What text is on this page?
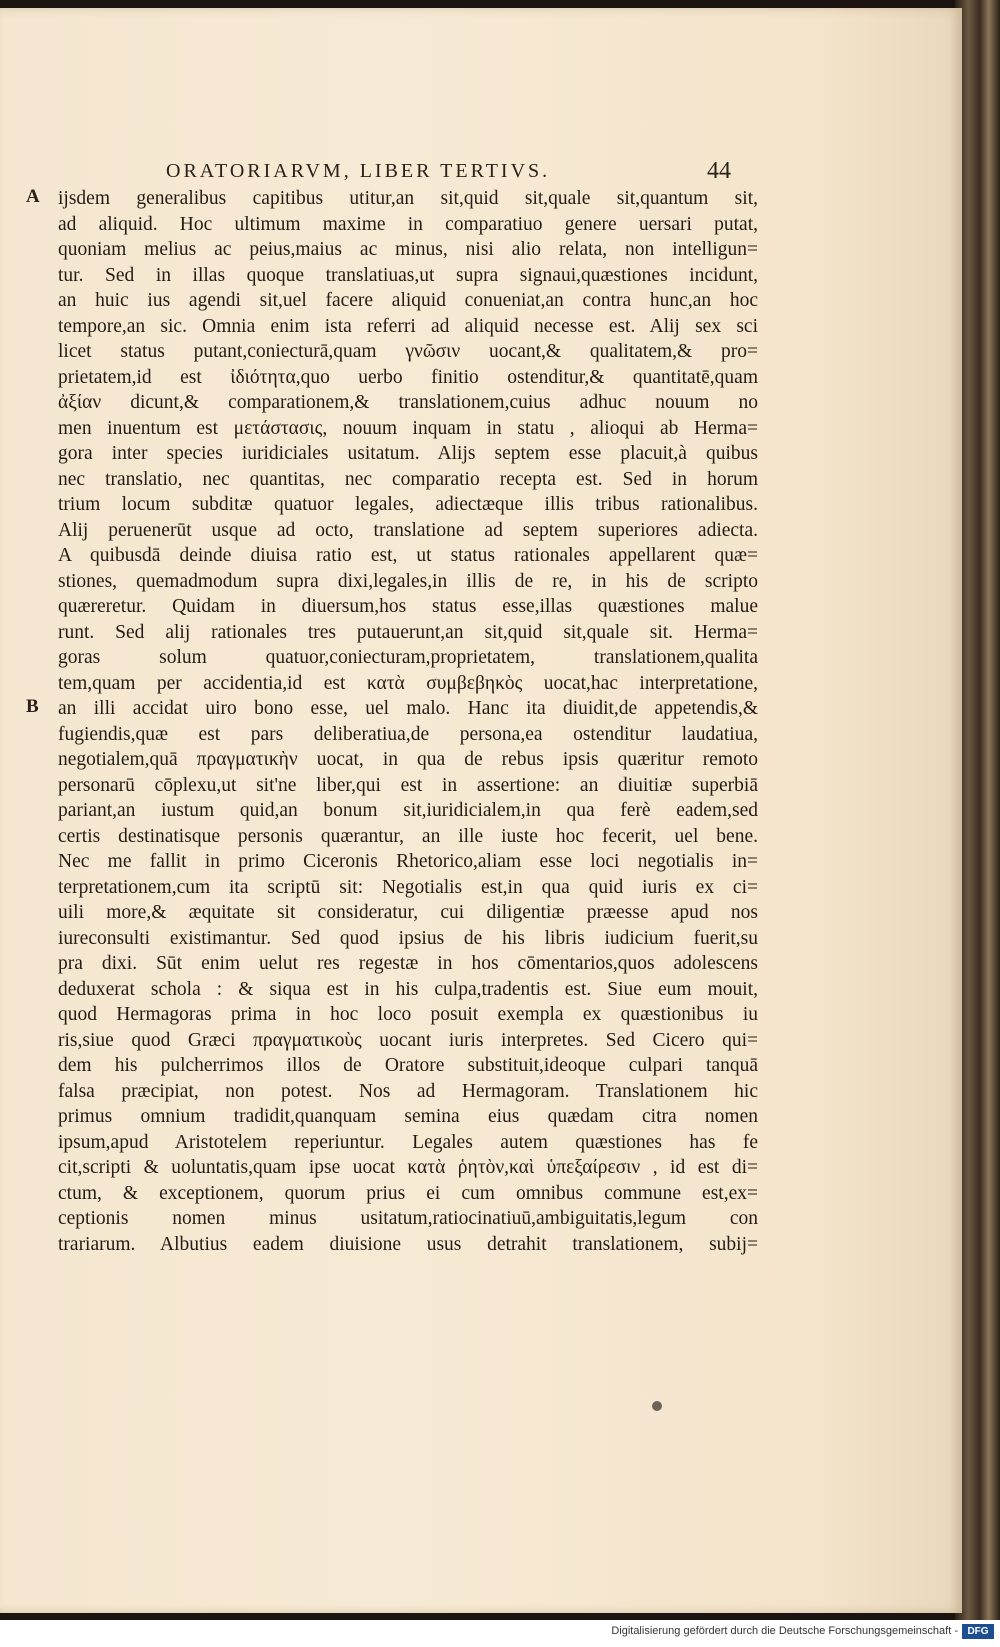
ORATORIARVM, LIBER TERTIVS.	44
A
B
ijsdem generalibus capitibus utitur,an sit,quid sit,quale sit,quantum sit,
ad aliquid. Hoc ultimum maxime in comparatiuo genere uersari putat,
quoniam melius ac peius,maius ac minus, nisi alio relata, non intelligun=
tur. Sed in illas quoque translatiuas,ut supra signaui,quæstiones incidunt,
an huic ius agendi sit,uel facere aliquid conueniat,an contra hunc,an hoc
tempore,an sic. Omnia enim ista referri ad aliquid necesse est. Alij sex sci
licet status putant,coniecturā,quam γνῶσιν uocant,& qualitatem,& pro=
prietatem,id est ἰδιότητα,quo uerbo finitio ostenditur,& quantitatē,quam
ἀξίαν dicunt,& comparationem,& translationem,cuius adhuc nouum no
men inuentum est μετάστασις, nouum inquam in statu , alioqui ab Herma=
gora inter species iuridiciales usitatum. Alijs septem esse placuit,à quibus
nec translatio, nec quantitas, nec comparatio recepta est. Sed in horum
trium locum subditæ quatuor legales, adiectæque illis tribus rationalibus.
Alij peruenerūt usque ad octo, translatione ad septem superiores adiecta.
A quibusdā deinde diuisa ratio est, ut status rationales appellarent quæ=
stiones, quemadmodum supra dixi,legales,in illis de re, in his de scripto
quæreretur. Quidam in diuersum,hos status esse,illas quæstiones malue
runt. Sed alij rationales tres putauerunt,an sit,quid sit,quale sit. Herma=
goras solum quatuor,coniecturam,proprietatem, translationem,qualita
tem,quam per accidentia,id est κατὰ συμβεβηκὸς uocat,hac interpretatione,
an illi accidat uiro bono esse, uel malo. Hanc ita diuidit,de appetendis,&
fugiendis,quæ est pars deliberatiua,de persona,ea ostenditur laudatiua,
negotialem,quā πραγματικὴν uocat, in qua de rebus ipsis quæritur remoto
personarū cōplexu,ut sit'ne liber,qui est in assertione: an diuitiæ superbiā
pariant,an iustum quid,an bonum sit,iuridicialem,in qua ferè eadem,sed
certis destinatisque personis quærantur, an ille iuste hoc fecerit, uel bene.
Nec me fallit in primo Ciceronis Rhetorico,aliam esse loci negotialis in=
terpretationem,cum ita scriptū sit: Negotialis est,in qua quid iuris ex ci=
uili more,& æquitate sit consideratur, cui diligentiæ præesse apud nos
iureconsulti existimantur. Sed quod ipsius de his libris iudicium fuerit,su
pra dixi. Sūt enim uelut res regestæ in hos cōmentarios,quos adolescens
deduxerat schola : & siqua est in his culpa,tradentis est. Siue eum mouit,
quod Hermagoras prima in hoc loco posuit exempla ex quæstionibus iu
ris,siue quod Græci πραγματικοὺς uocant iuris interpretes. Sed Cicero qui=
dem his pulcherrimos illos de Oratore substituit,ideoque culpari tanquā
falsa præcipiat, non potest. Nos ad Hermagoram. Translationem hic
primus omnium tradidit,quanquam semina eius quædam citra nomen
ipsum,apud Aristotelem reperiuntur. Legales autem quæstiones has fe
cit,scripti & uoluntatis,quam ipse uocat κατὰ ῥητὸν,καὶ ὑπεξαίρεσιν , id est di=
ctum, & exceptionem, quorum prius ei cum omnibus commune est,ex=
ceptionis nomen minus usitatum,ratiocinatiuū,ambiguitatis,legum con
trariarum. Albutius eadem diuisione usus detrahit translationem, subij=
Digitalisierung gefördert durch die Deutsche Forschungsgemeinschaft - DFG
